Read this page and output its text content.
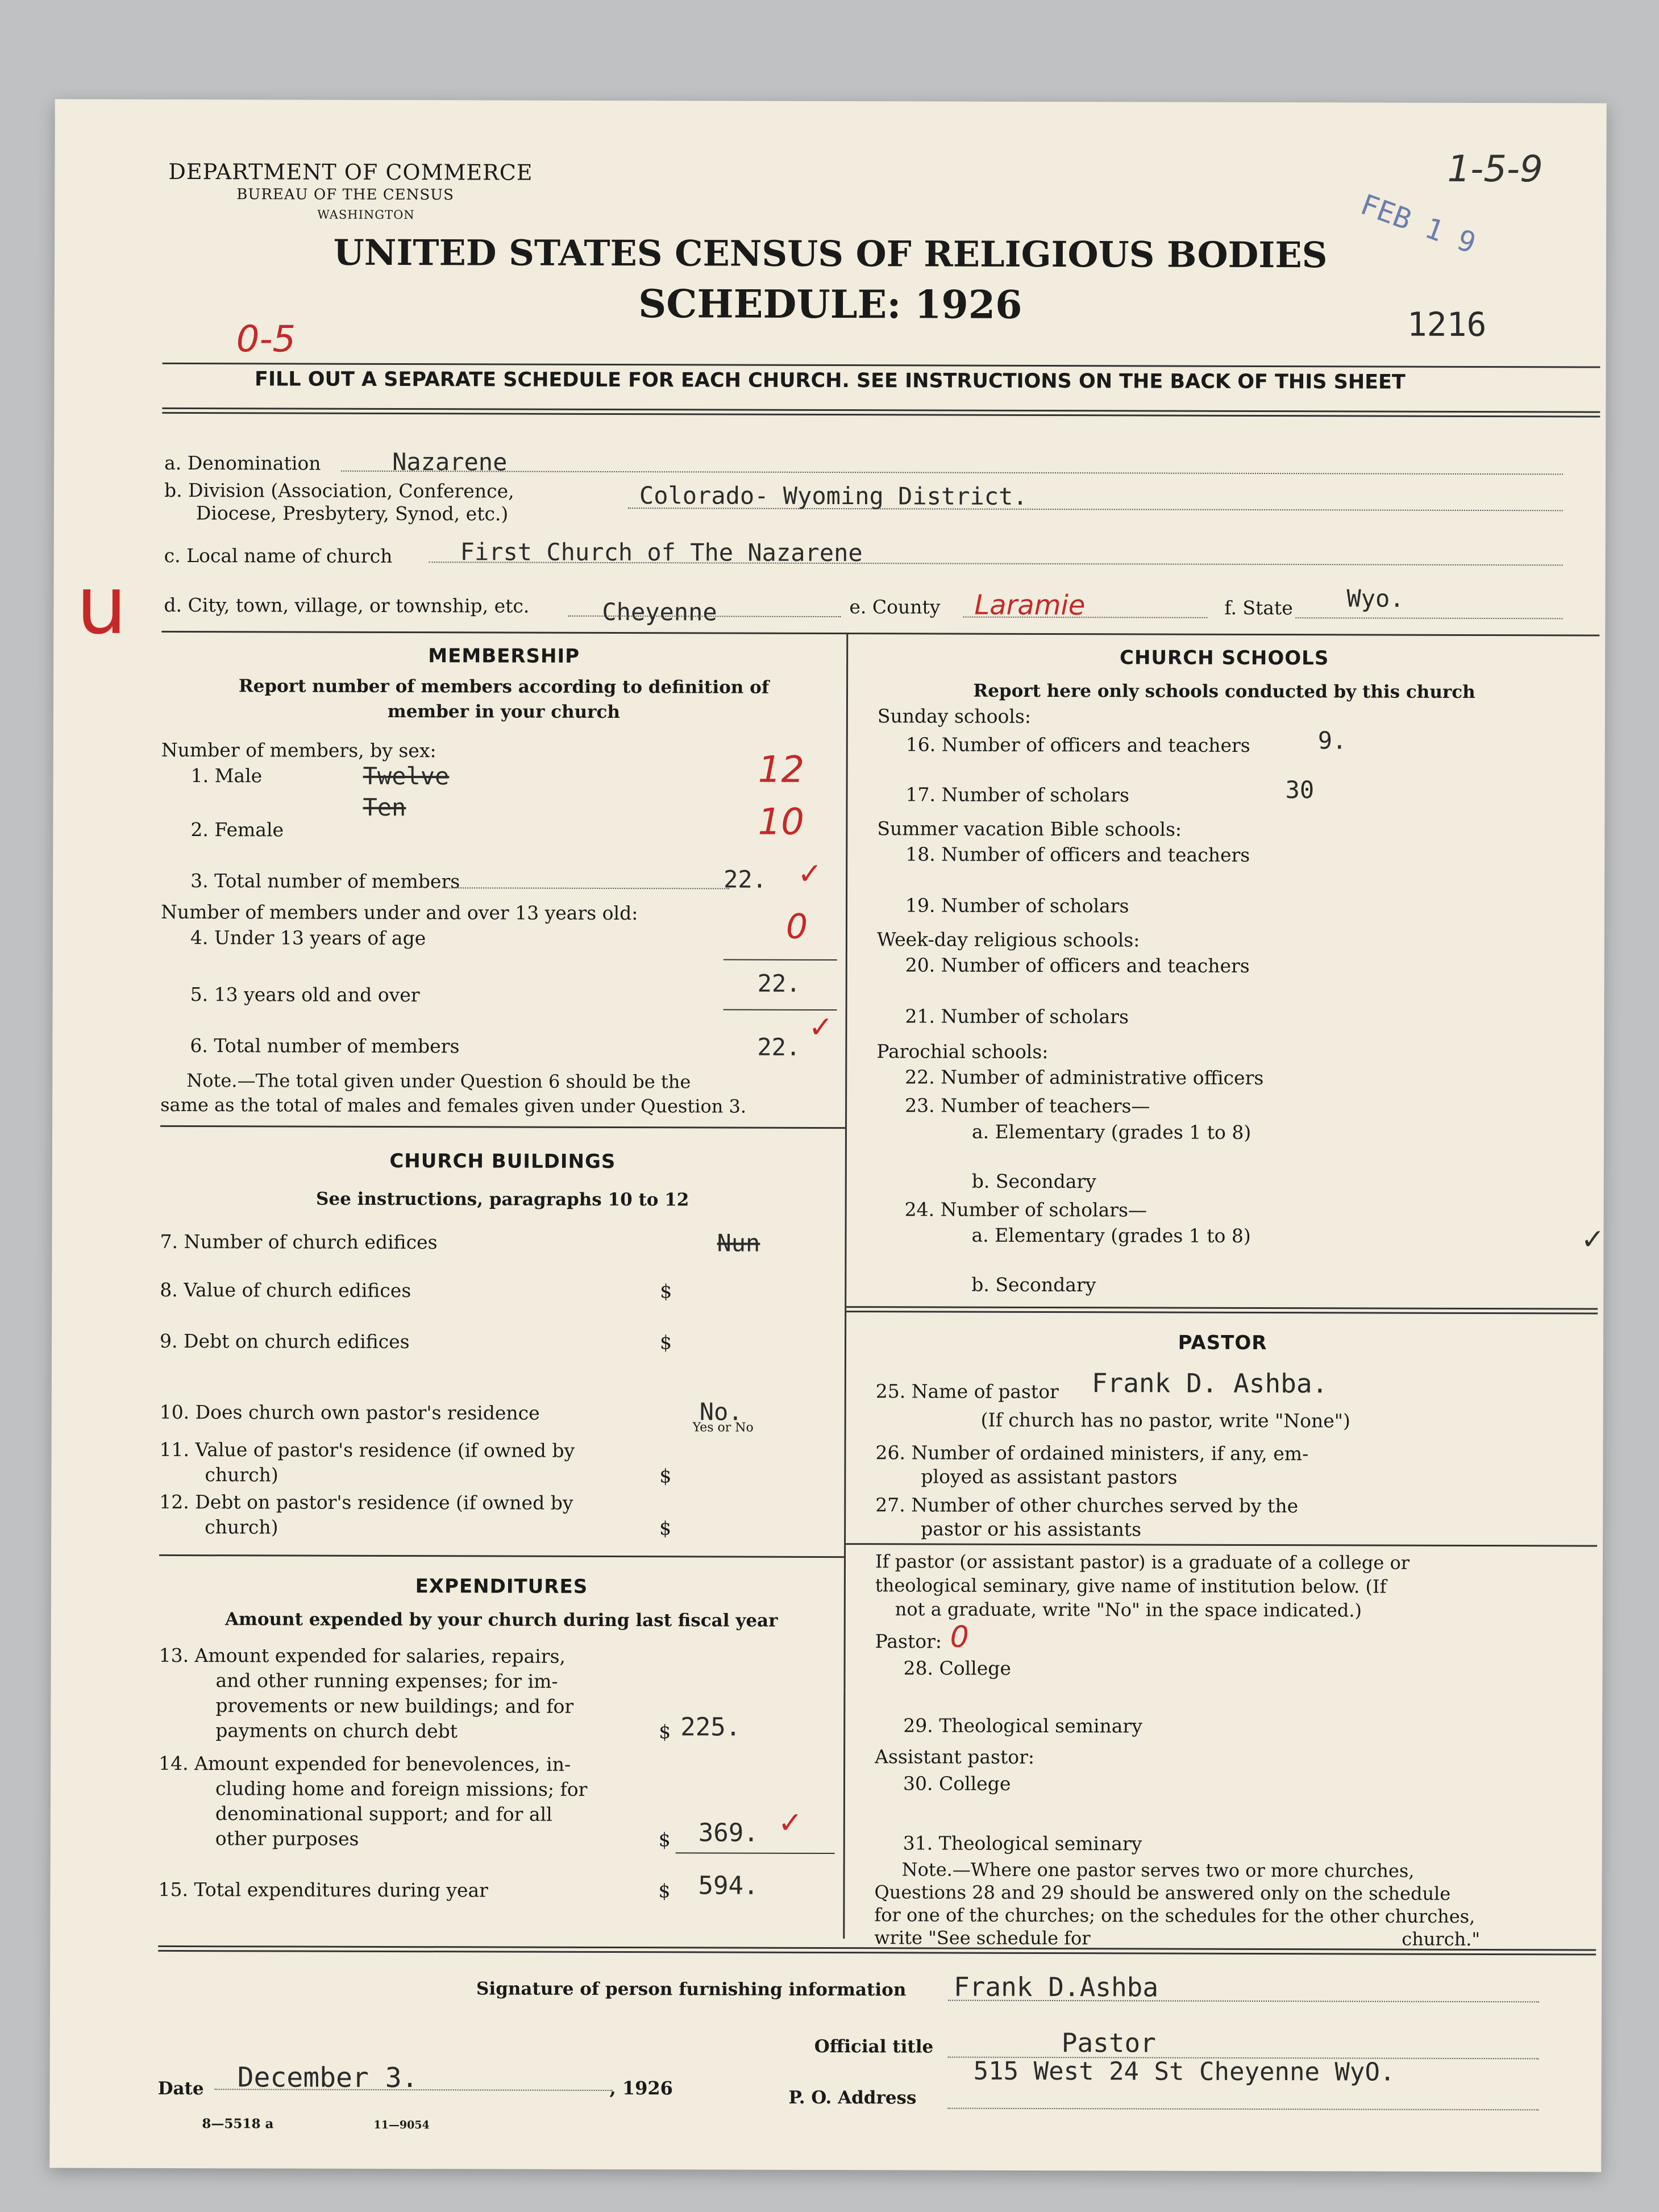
DEPARTMENT OF COMMERCE
BUREAU OF THE CENSUS
WASHINGTON
1-5-9
FEB 1 9
UNITED STATES CENSUS OF RELIGIOUS BODIES
SCHEDULE: 1926	1216
0-5
FILL OUT A SEPARATE SCHEDULE FOR EACH CHURCH. SEE INSTRUCTIONS ON THE BACK OF THIS SHEET
u
a. Denomination	Nazarene
b. Division (Association, Conference,
Diocese, Presbytery, Synod, etc.)
Colorado- Wyoming District.
c. Local name of church	First Church of The Nazarene
d. City, town, village, or township, etc.	Cheyenne	e. County Laramie	f. State Wyo.
MEMBERSHIP
Report number of members according to definition of
member in your church
Number of members, by sex:
1. Male	Twelve	12
Ten
2. Female	10
3. Total number of members	22. ✓
Number of members under and over 13 years old:
4. Under 13 years of age	0
5. 13 years old and over	22.
6. Total number of members	22.
✓
Note.—The total given under Question 6 should be the
same as the total of males and females given under Question 3.
CHURCH BUILDINGS
See instructions, paragraphs 10 to 12
7. Number of church edifices	Nun
8. Value of church edifices	$
9. Debt on church edifices	$
10. Does church own pastor's residence	No.
Yes or No
11. Value of pastor's residence (if owned by
church)	$
12. Debt on pastor's residence (if owned by
church)	$
EXPENDITURES
Amount expended by your church during last fiscal year
13. Amount expended for salaries, repairs,
and other running expenses; for im-
provements or new buildings; and for
payments on church debt	$ 225.
14. Amount expended for benevolences, in-
cluding home and foreign missions; for
denominational support; and for all
other purposes	$ 369. ✓
15. Total expenditures during year	$ 594.
CHURCH SCHOOLS
Report here only schools conducted by this church
Sunday schools:
16. Number of officers and teachers	9.
17. Number of scholars	30
Summer vacation Bible schools:
18. Number of officers and teachers
19. Number of scholars
Week-day religious schools:
20. Number of officers and teachers
21. Number of scholars
Parochial schools:
22. Number of administrative officers
23. Number of teachers—
a. Elementary (grades 1 to 8)
b. Secondary
24. Number of scholars—
a. Elementary (grades 1 to 8)
b. Secondary
✓
PASTOR
25. Name of pastor Frank D. Ashba.
(If church has no pastor, write "None")
26. Number of ordained ministers, if any, em-
ployed as assistant pastors
27. Number of other churches served by the
pastor or his assistants
If pastor (or assistant pastor) is a graduate of a college or
theological seminary, give name of institution below. (If
not a graduate, write "No" in the space indicated.)
Pastor: 0
28. College
29. Theological seminary
Assistant pastor:
30. College
31. Theological seminary
Note.—Where one pastor serves two or more churches,
Questions 28 and 29 should be answered only on the schedule
for one of the churches; on the schedules for the other churches,
write "See schedule for	church."
Signature of person furnishing information Frank D.Ashba
Official title	Pastor
Date December 3.	, 1926	P. O. Address
515 West 24 St Cheyenne WyO.
8—5518 a	11—9054
